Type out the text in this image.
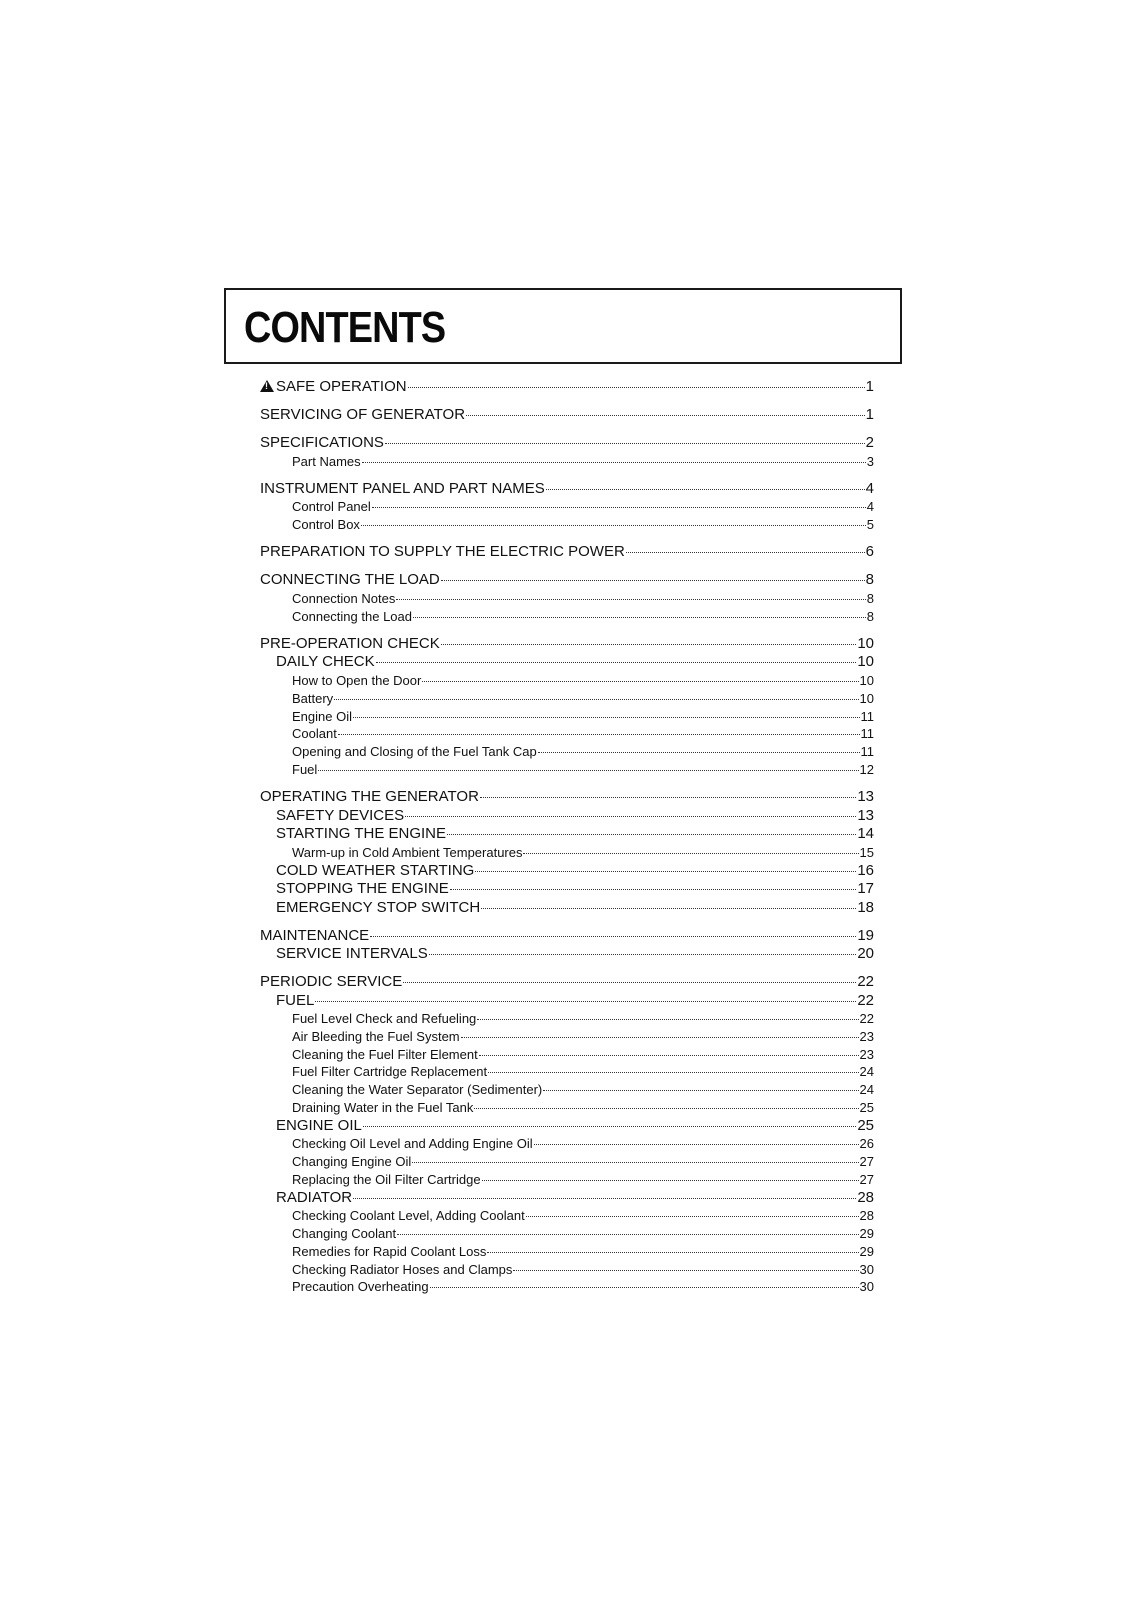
CONTENTS
!SAFE OPERATION	1
SERVICING OF GENERATOR	1
SPECIFICATIONS	2
Part Names	3
INSTRUMENT PANEL AND PART NAMES	4
Control Panel	4
Control Box	5
PREPARATION TO SUPPLY THE ELECTRIC POWER	6
CONNECTING THE LOAD	8
Connection Notes	8
Connecting the Load	8
PRE-OPERATION CHECK	10
DAILY CHECK	10
How to Open the Door	10
Battery	10
Engine Oil	11
Coolant	11
Opening and Closing of the Fuel Tank Cap	11
Fuel	12
OPERATING THE GENERATOR	13
SAFETY DEVICES	13
STARTING THE ENGINE	14
Warm-up in Cold Ambient Temperatures	15
COLD WEATHER STARTING	16
STOPPING THE ENGINE	17
EMERGENCY STOP SWITCH	18
MAINTENANCE	19
SERVICE INTERVALS	20
PERIODIC SERVICE	22
FUEL	22
Fuel Level Check and Refueling	22
Air Bleeding the Fuel System	23
Cleaning the Fuel Filter Element	23
Fuel Filter Cartridge Replacement	24
Cleaning the Water Separator (Sedimenter)	24
Draining Water in the Fuel Tank	25
ENGINE OIL	25
Checking Oil Level and Adding Engine Oil	26
Changing Engine Oil	27
Replacing the Oil Filter Cartridge	27
RADIATOR	28
Checking Coolant Level, Adding Coolant	28
Changing Coolant	29
Remedies for Rapid Coolant Loss	29
Checking Radiator Hoses and Clamps	30
Precaution Overheating	30
